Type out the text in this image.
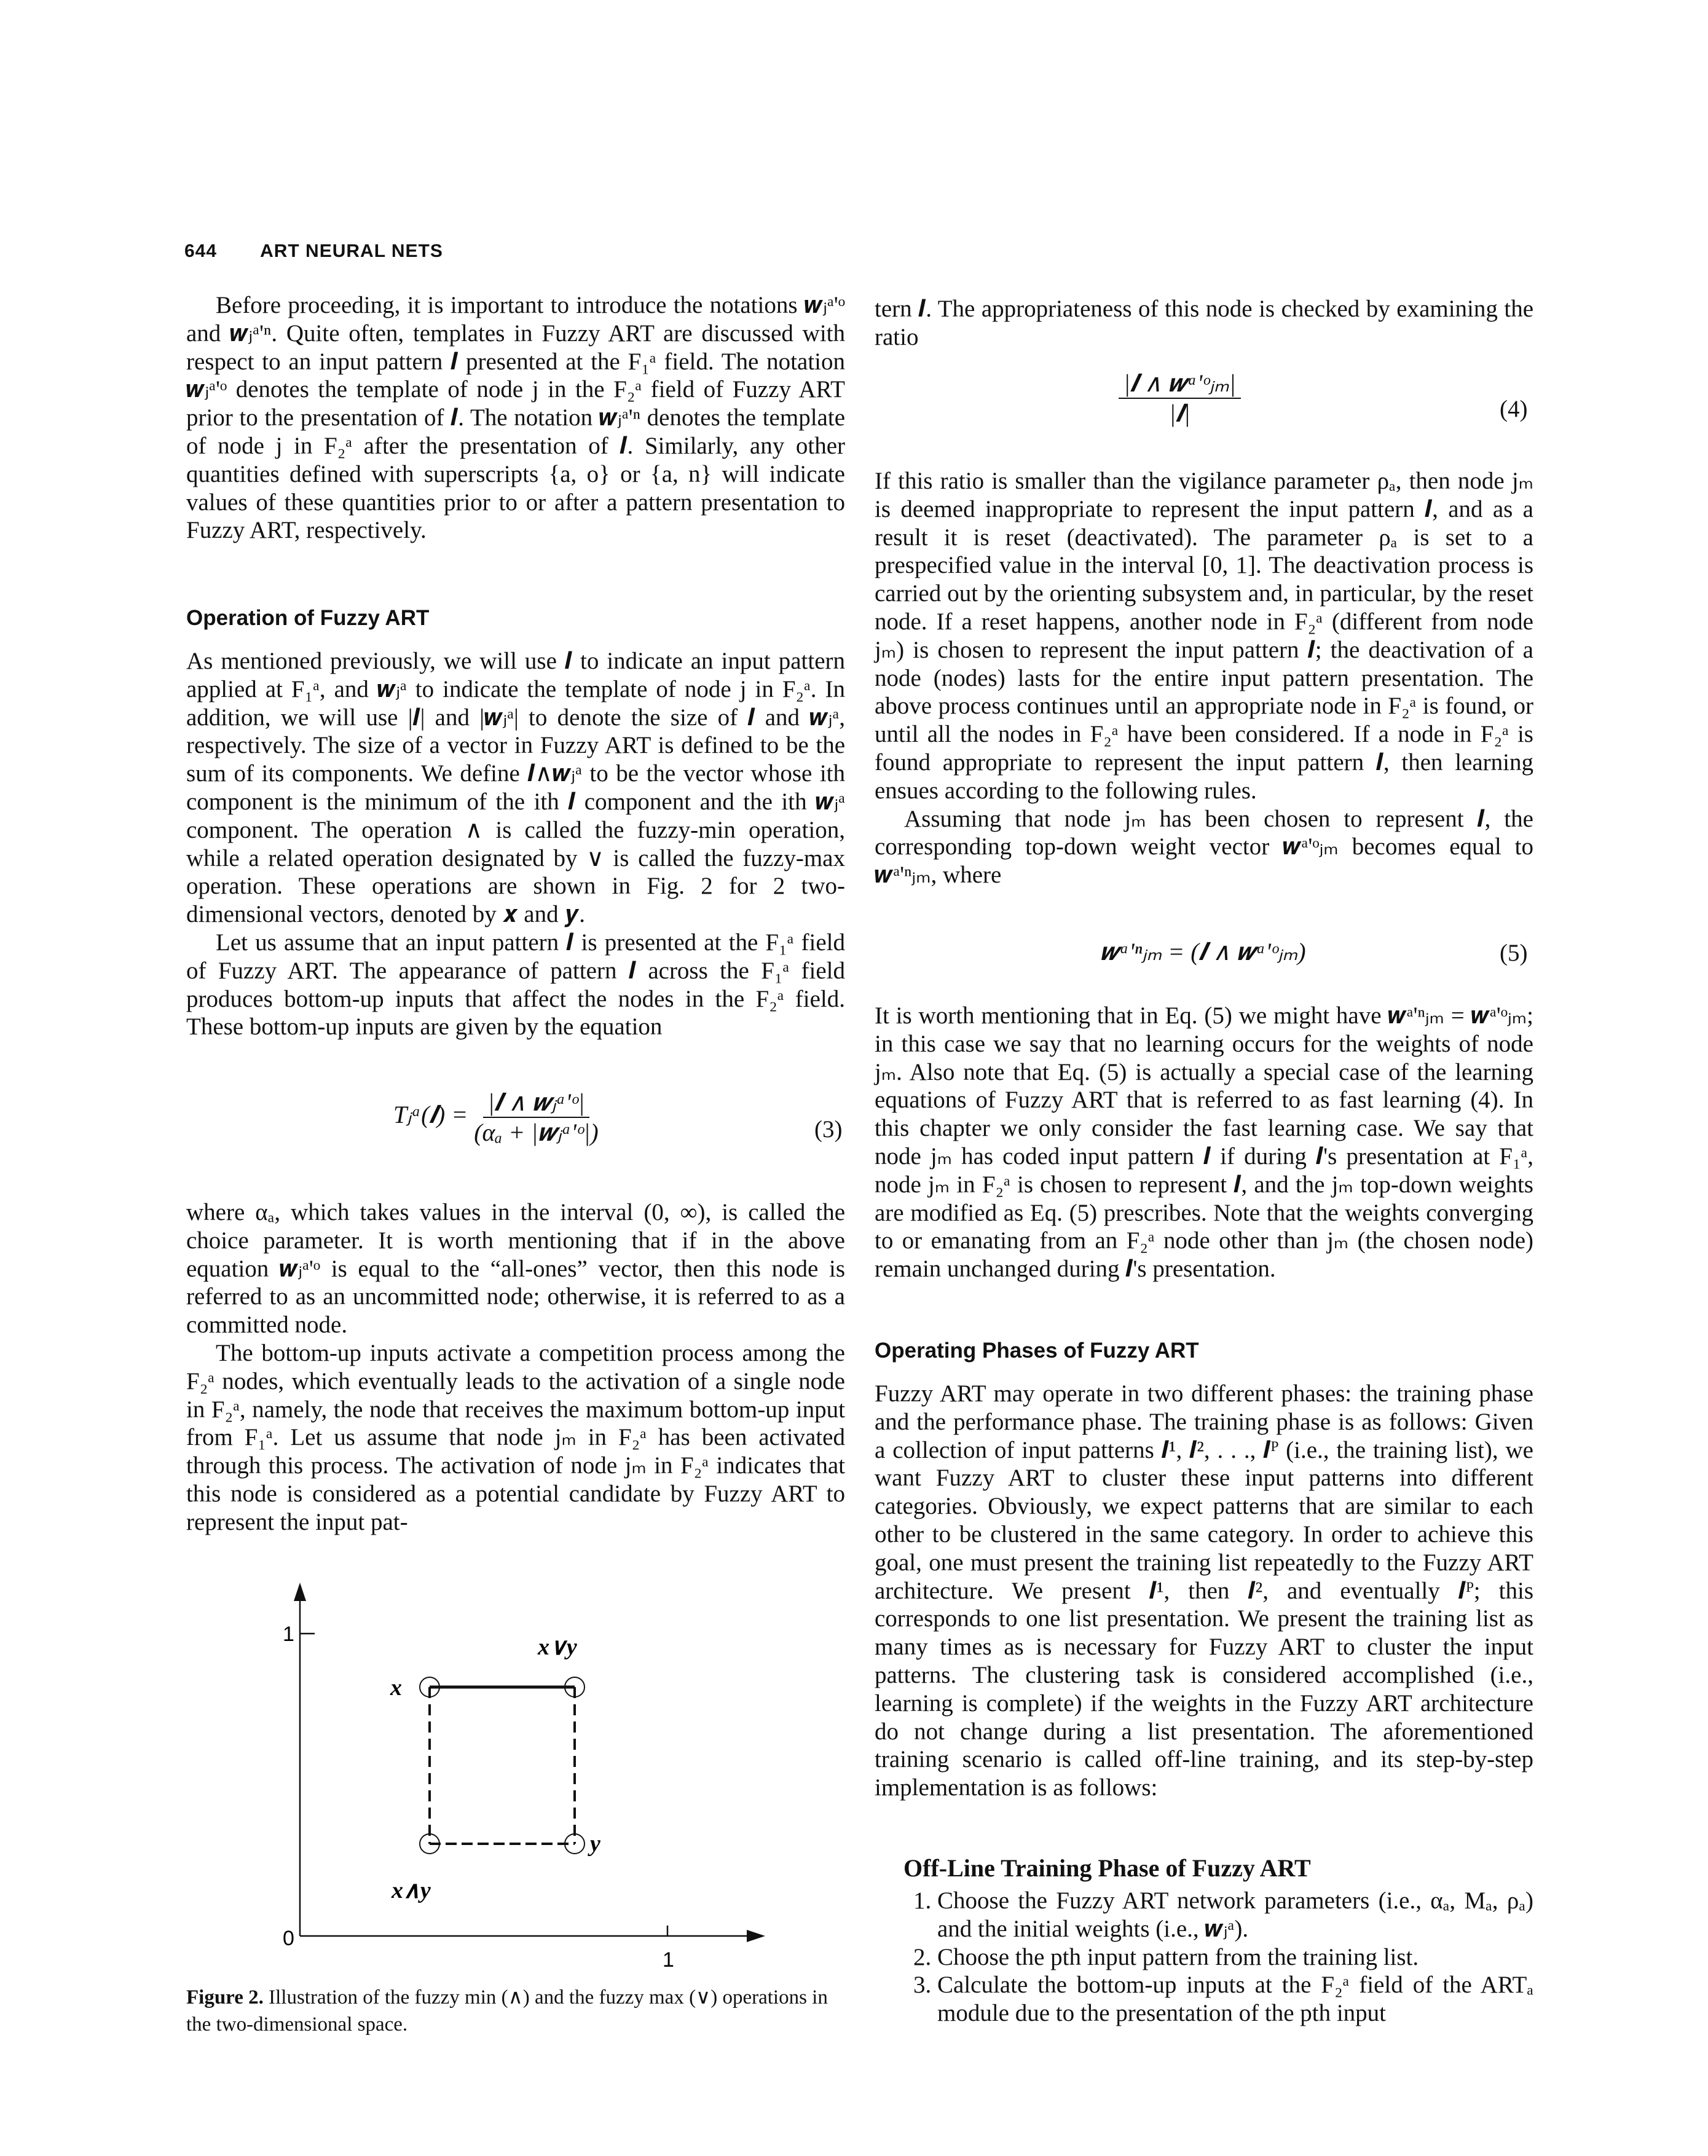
644 ART NEURAL NETS

Before proceeding, it is important to introduce the notations 𝒘ⱼᵃ'ᵒ and 𝒘ⱼᵃ'ⁿ. Quite often, templates in Fuzzy ART are discussed with respect to an input pattern 𝑰 presented at the F₁ᵃ field. The notation 𝒘ⱼᵃ'ᵒ denotes the template of node j in the F₂ᵃ field of Fuzzy ART prior to the presentation of 𝑰. The notation 𝒘ⱼᵃ'ⁿ denotes the template of node j in F₂ᵃ after the presentation of 𝑰. Similarly, any other quantities defined with superscripts {a, o} or {a, n} will indicate values of these quantities prior to or after a pattern presentation to Fuzzy ART, respectively.

Operation of Fuzzy ART

As mentioned previously, we will use 𝑰 to indicate an input pattern applied at F₁ᵃ, and 𝒘ⱼᵃ to indicate the template of node j in F₂ᵃ. In addition, we will use |𝑰| and |𝒘ⱼᵃ| to denote the size of 𝑰 and 𝒘ⱼᵃ, respectively. The size of a vector in Fuzzy ART is defined to be the sum of its components. We define 𝑰∧𝒘ⱼᵃ to be the vector whose ith component is the minimum of the ith 𝑰 component and the ith 𝒘ⱼᵃ component. The operation ∧ is called the fuzzy-min operation, while a related operation designated by ∨ is called the fuzzy-max operation. These operations are shown in Fig. 2 for 2 two-dimensional vectors, denoted by 𝒙 and 𝒚.

Let us assume that an input pattern 𝑰 is presented at the F₁ᵃ field of Fuzzy ART. The appearance of pattern 𝑰 across the F₁ᵃ field produces bottom-up inputs that affect the nodes in the F₂ᵃ field. These bottom-up inputs are given by the equation

Tⱼᵃ(𝑰) = $\frac{\text{|𝑰 ∧ 𝒘ⱼᵃ'ᵒ|}}{\text{(αₐ + |𝒘ⱼᵃ'ᵒ|)}}$	(3)

where αₐ, which takes values in the interval (0, ∞), is called the choice parameter. It is worth mentioning that if in the above equation 𝒘ⱼᵃ'ᵒ is equal to the “all-ones” vector, then this node is referred to as an uncommitted node; otherwise, it is referred to as a committed node.

The bottom-up inputs activate a competition process among the F₂ᵃ nodes, which eventually leads to the activation of a single node in F₂ᵃ, namely, the node that receives the maximum bottom-up input from F₁ᵃ. Let us assume that node jₘ in F₂ᵃ has been activated through this process. The activation of node jₘ in F₂ᵃ indicates that this node is considered as a potential candidate by Fuzzy ART to represent the input pat-

1
0
1
x
y
x∨y
x∧y
Figure 2. Illustration of the fuzzy min (∧) and the fuzzy max (∨) operations in the two-dimensional space.

tern 𝑰. The appropriateness of this node is checked by examining the ratio

$\frac{\text{|𝑰 ∧ 𝒘ᵃ'ᵒⱼₘ|}}{\text{|𝑰|}}$	(4)

If this ratio is smaller than the vigilance parameter ρₐ, then node jₘ is deemed inappropriate to represent the input pattern 𝑰, and as a result it is reset (deactivated). The parameter ρₐ is set to a prespecified value in the interval [0, 1]. The deactivation process is carried out by the orienting subsystem and, in particular, by the reset node. If a reset happens, another node in F₂ᵃ (different from node jₘ) is chosen to represent the input pattern 𝑰; the deactivation of a node (nodes) lasts for the entire input pattern presentation. The above process continues until an appropriate node in F₂ᵃ is found, or until all the nodes in F₂ᵃ have been considered. If a node in F₂ᵃ is found appropriate to represent the input pattern 𝑰, then learning ensues according to the following rules.

Assuming that node jₘ has been chosen to represent 𝑰, the corresponding top-down weight vector 𝒘ᵃ'ᵒⱼₘ becomes equal to 𝒘ᵃ'ⁿⱼₘ, where

𝒘ᵃ'ⁿⱼₘ = (𝑰 ∧ 𝒘ᵃ'ᵒⱼₘ)	(5)

It is worth mentioning that in Eq. (5) we might have 𝒘ᵃ'ⁿⱼₘ = 𝒘ᵃ'ᵒⱼₘ; in this case we say that no learning occurs for the weights of node jₘ. Also note that Eq. (5) is actually a special case of the learning equations of Fuzzy ART that is referred to as fast learning (4). In this chapter we only consider the fast learning case. We say that node jₘ has coded input pattern 𝑰 if during 𝑰's presentation at F₁ᵃ, node jₘ in F₂ᵃ is chosen to represent 𝑰, and the jₘ top-down weights are modified as Eq. (5) prescribes. Note that the weights converging to or emanating from an F₂ᵃ node other than jₘ (the chosen node) remain unchanged during 𝑰's presentation.

Operating Phases of Fuzzy ART

Fuzzy ART may operate in two different phases: the training phase and the performance phase. The training phase is as follows: Given a collection of input patterns 𝑰¹, 𝑰², . . ., 𝑰ᴾ (i.e., the training list), we want Fuzzy ART to cluster these input patterns into different categories. Obviously, we expect patterns that are similar to each other to be clustered in the same category. In order to achieve this goal, one must present the training list repeatedly to the Fuzzy ART architecture. We present 𝑰¹, then 𝑰², and eventually 𝑰ᴾ; this corresponds to one list presentation. We present the training list as many times as is necessary for Fuzzy ART to cluster the input patterns. The clustering task is considered accomplished (i.e., learning is complete) if the weights in the Fuzzy ART architecture do not change during a list presentation. The aforementioned training scenario is called off-line training, and its step-by-step implementation is as follows:

Off-Line Training Phase of Fuzzy ART
1. Choose the Fuzzy ART network parameters (i.e., αₐ, Mₐ, ρₐ) and the initial weights (i.e., 𝒘ⱼᵃ).
2. Choose the pth input pattern from the training list.
3. Calculate the bottom-up inputs at the F₂ᵃ field of the ARTₐ module due to the presentation of the pth input
